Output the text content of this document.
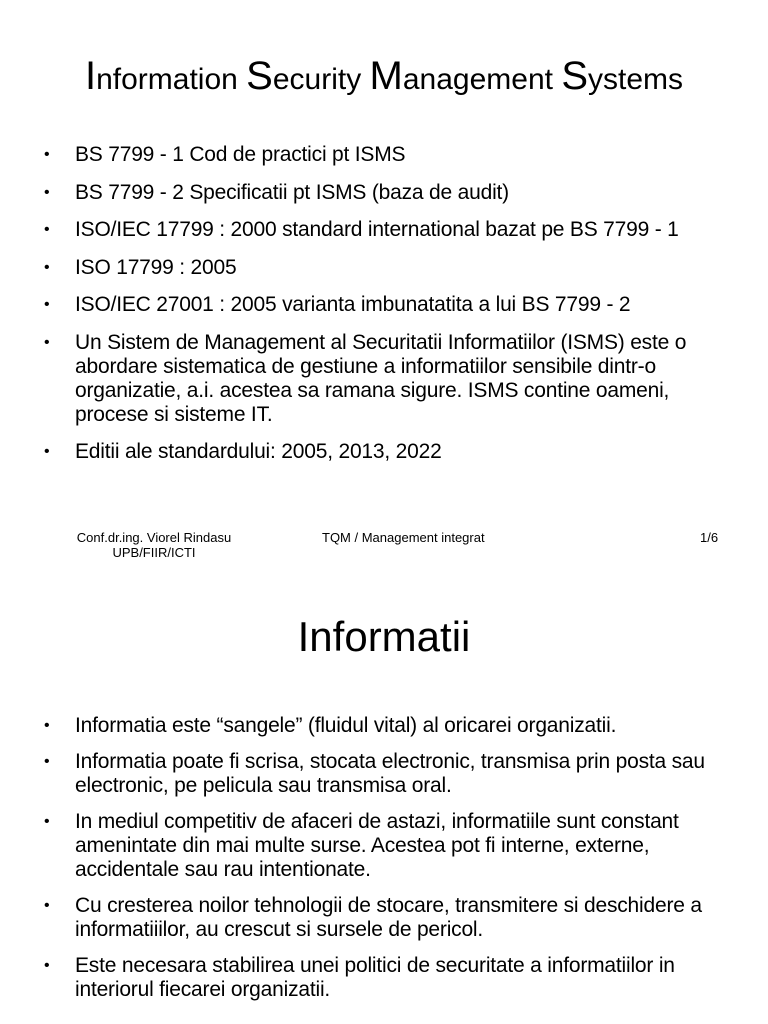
Information Security Management Systems
• BS 7799 - 1 Cod de practici pt ISMS
• BS 7799 - 2 Specificatii pt ISMS (baza de audit)
• ISO/IEC 17799 : 2000 standard international bazat pe BS 7799 - 1
• ISO 17799 : 2005
• ISO/IEC 27001 : 2005 varianta imbunatatita a lui BS 7799 - 2
• Un Sistem de Management al Securitatii Informatiilor (ISMS) este o abordare sistematica de gestiune a informatiilor sensibile dintr-o organizatie, a.i. acestea sa ramana sigure. ISMS contine oameni, procese si sisteme IT.
• Editii ale standardului: 2005, 2013, 2022
Conf.dr.ing. Viorel Rindasu
UPB/FIIR/ICTI
TQM / Management integrat	1/6
Informatii
• Informatia este “sangele” (fluidul vital) al oricarei organizatii.
• Informatia poate fi scrisa, stocata electronic, transmisa prin posta sau electronic, pe pelicula sau transmisa oral.
• In mediul competitiv de afaceri de astazi, informatiile sunt constant amenintate din mai multe surse. Acestea pot fi interne, externe, accidentale sau rau intentionate.
• Cu cresterea noilor tehnologii de stocare, transmitere si deschidere a informatiiilor, au crescut si sursele de pericol.
• Este necesara stabilirea unei politici de securitate a informatiilor in interiorul fiecarei organizatii.
